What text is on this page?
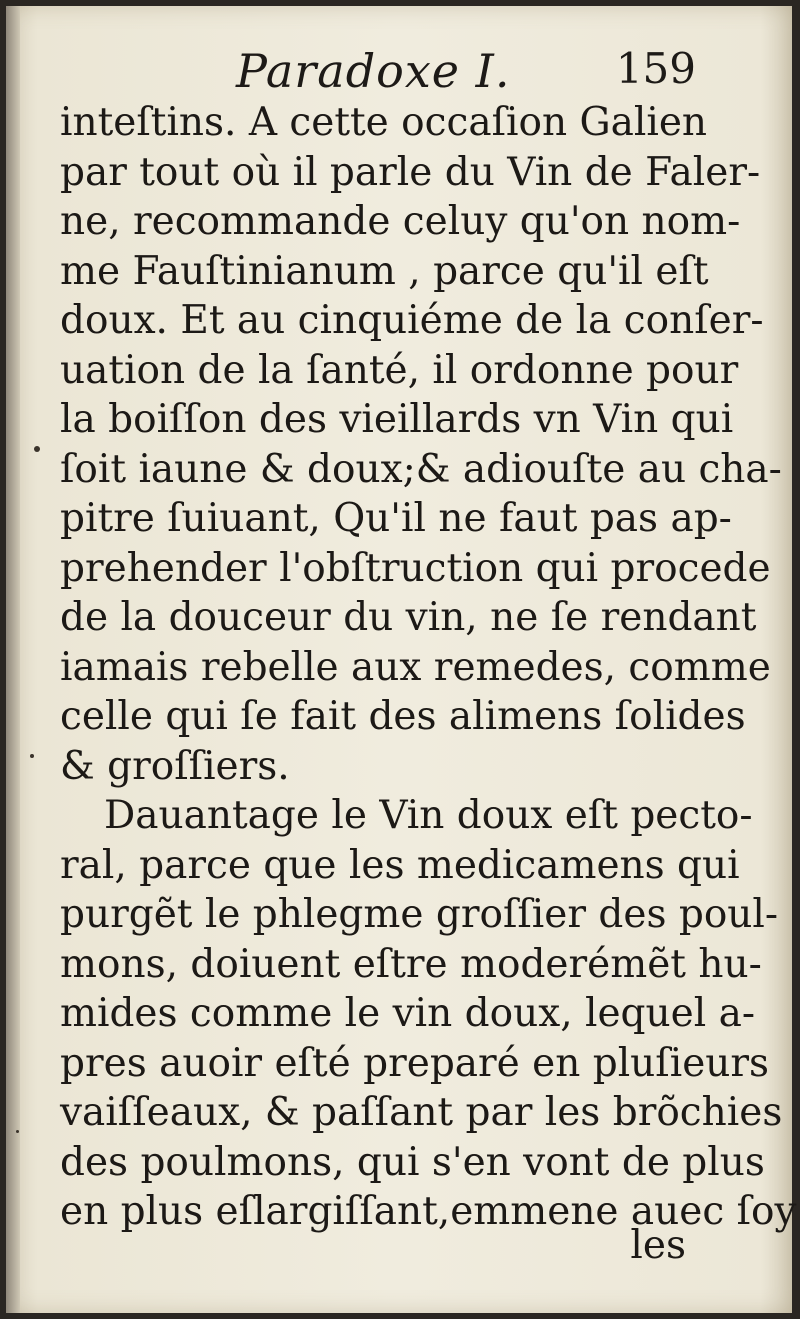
Paradoxe I.	159
inteſtins. A cette occaſion Galien
par tout où il parle du Vin de Faler-
ne, recommande celuy qu'on nom-
me Fauſtinianum , parce qu'il eſt
doux. Et au cinquiéme de la conſer-
uation de la ſanté, il ordonne pour
la boiſſon des vieillards vn Vin qui
ſoit iaune & doux;& adiouſte au cha-
pitre ſuiuant, Qu'il ne faut pas ap-
prehender l'obſtruction qui procede
de la douceur du vin, ne ſe rendant
iamais rebelle aux remedes, comme
celle qui ſe fait des alimens ſolides
& groſſiers.
Dauantage le Vin doux eſt pecto-
ral, parce que les medicamens qui
purgẽt le phlegme groſſier des poul-
mons, doiuent eſtre moderémẽt hu-
mides comme le vin doux, lequel a-
pres auoir eſté preparé en pluſieurs
vaiſſeaux, & paſſant par les brõchies
des poulmons, qui s'en vont de plus
en plus eſlargiſſant,emmene auec ſoy
les
